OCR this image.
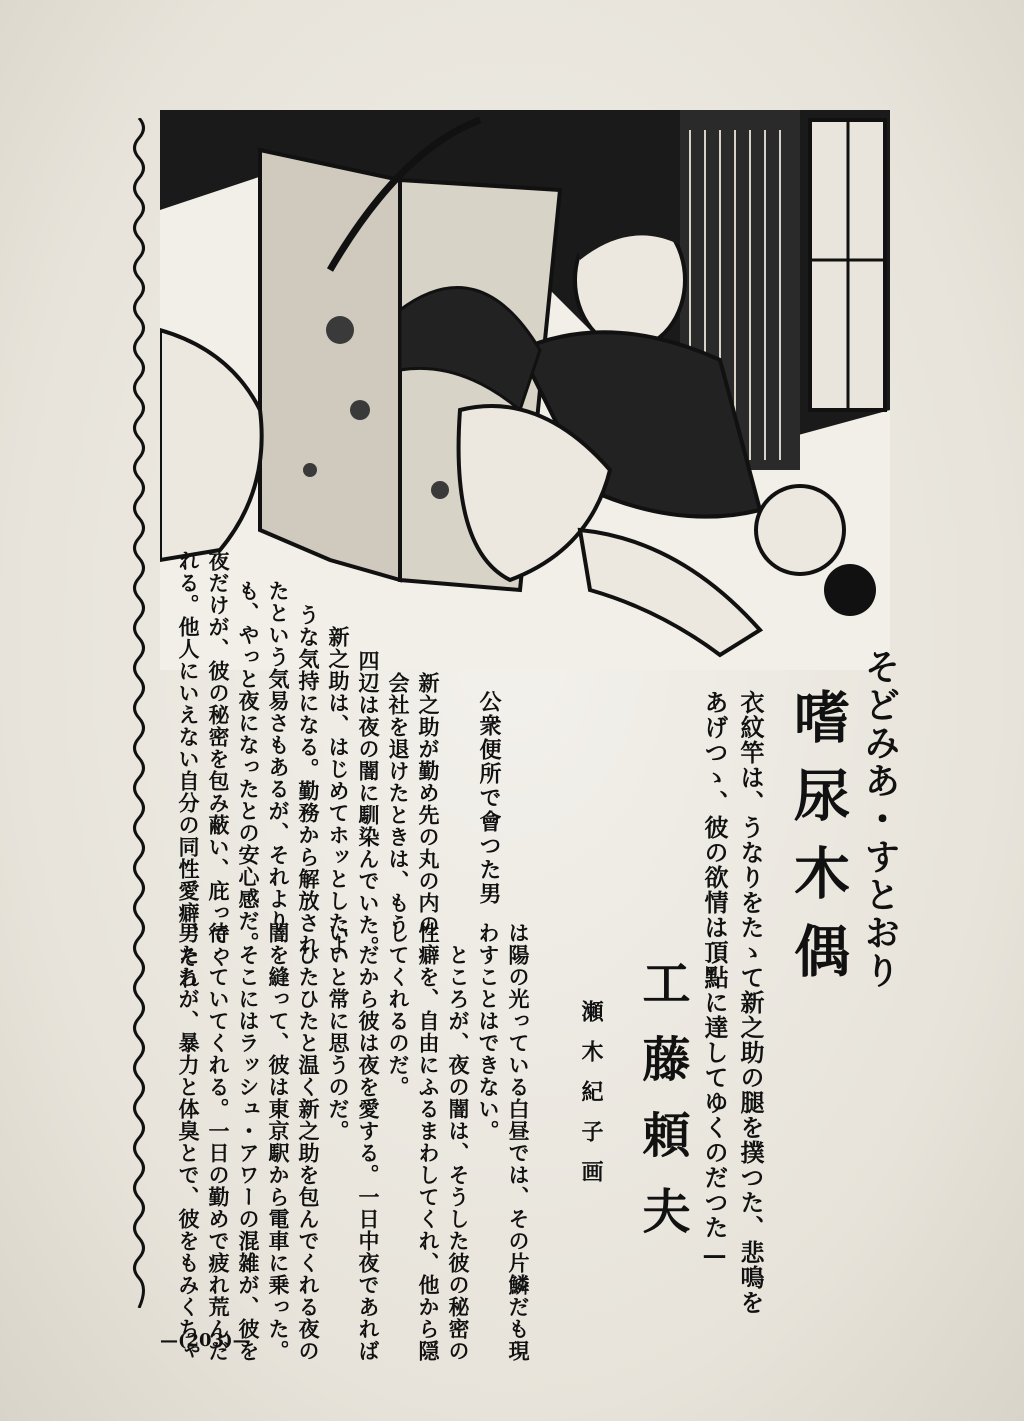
そどみあ・すとおり
嗜尿木偶
衣紋竿は、うなりをたゝて新之助の腿を撲つた、悲鳴を
あげつゝ、彼の欲情は頂點に達してゆくのだつた—
工藤頼夫
瀬木紀子画
は陽の光っている白昼では、その片鱗だも現
わすことはできない。
ところが、夜の闇は、そうした彼の秘密の
性癖を、自由にふるまわしてくれ、他から隠
してくれるのだ。
だから彼は夜を愛する。一日中夜であれば
いいと常に思うのだ。
ひたひたと温く新之助を包んでくれる夜の
闇を縫って、彼は東京駅から電車に乗った。
そこにはラッシュ・アワーの混雑が、彼を
待っていてくれる。一日の勤めで疲れ荒んだ
男たちが、暴力と体臭とで、彼をもみくちゃ
公衆便所で會つた男
新之助が勤め先の丸の内の
会社を退けたときは、もう
四辺は夜の闇に馴染んでいた。
新之助は、はじめてホッとしたよ
うな気持になる。勤務から解放され
たという気易さもあるが、それより
も、やっと夜になったとの安心感だ。
夜だけが、彼の秘密を包み蔽い、庇ってく
れる。他人にいえない自分の同性愛癖、それ
—(203)—
